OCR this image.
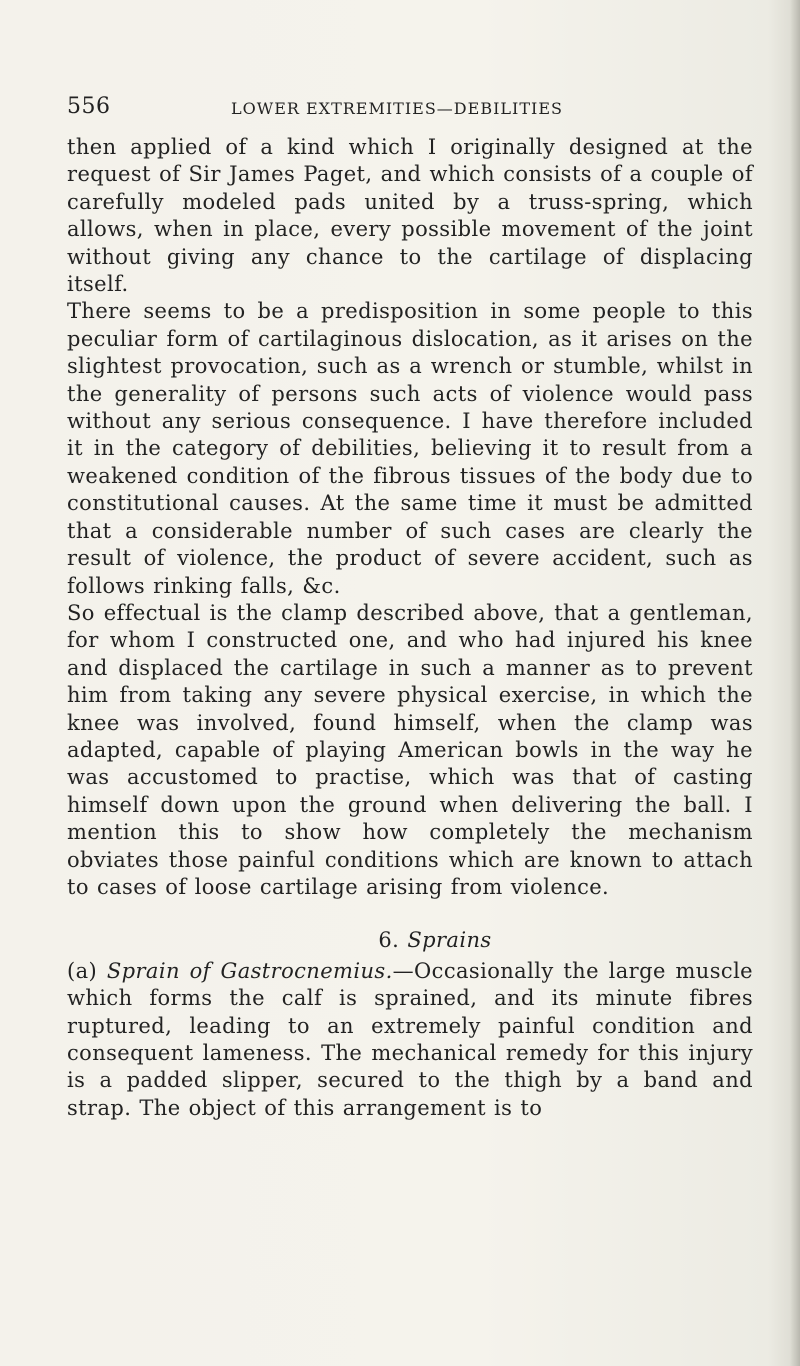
556	LOWER EXTREMITIES—DEBILITIES

then applied of a kind which I originally designed at the request of Sir James Paget, and which consists of a couple of carefully modeled pads united by a truss-spring, which allows, when in place, every possible movement of the joint without giving any chance to the cartilage of displacing itself.

There seems to be a predisposition in some people to this peculiar form of cartilaginous dislocation, as it arises on the slightest provocation, such as a wrench or stumble, whilst in the generality of persons such acts of violence would pass without any serious consequence. I have therefore included it in the category of debilities, believing it to result from a weakened condition of the fibrous tissues of the body due to constitutional causes. At the same time it must be admitted that a considerable number of such cases are clearly the result of violence, the product of severe accident, such as follows rinking falls, &c.

So effectual is the clamp described above, that a gentleman, for whom I constructed one, and who had injured his knee and displaced the cartilage in such a manner as to prevent him from taking any severe physical exercise, in which the knee was involved, found himself, when the clamp was adapted, capable of playing American bowls in the way he was accustomed to practise, which was that of casting himself down upon the ground when delivering the ball. I mention this to show how completely the mechanism obviates those painful conditions which are known to attach to cases of loose cartilage arising from violence.

6. Sprains

(a) Sprain of Gastrocnemius.—Occasionally the large muscle which forms the calf is sprained, and its minute fibres ruptured, leading to an extremely painful condition and consequent lameness. The mechanical remedy for this injury is a padded slipper, secured to the thigh by a band and strap. The object of this arrangement is to
